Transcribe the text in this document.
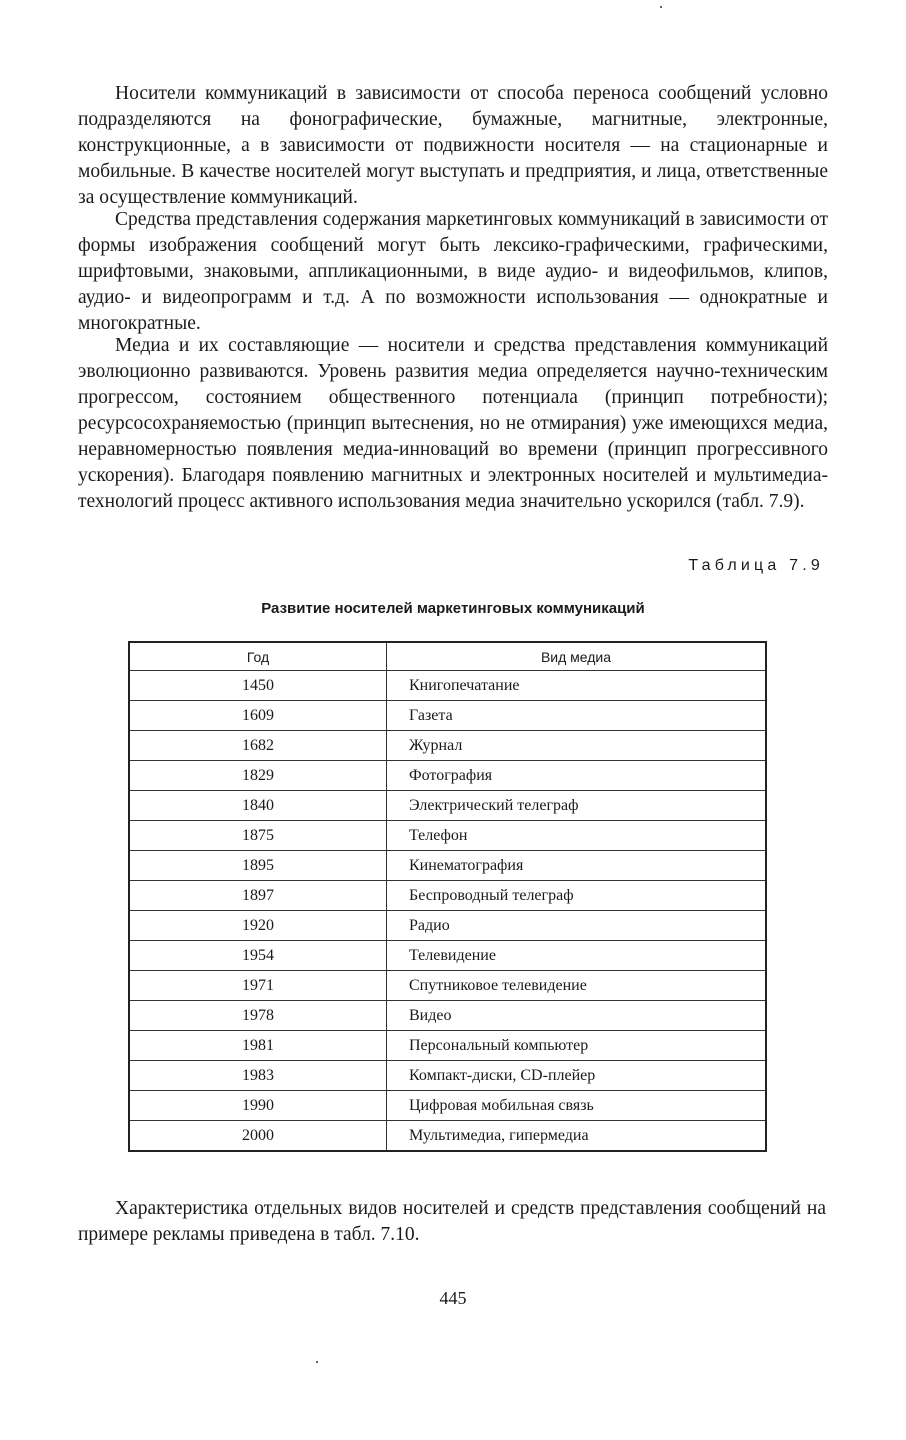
Носители коммуникаций в зависимости от способа переноса сообщений условно подразделяются на фонографические, бумажные, магнитные, электронные, конструкционные, а в зависимости от подвижности носителя — на стационарные и мобильные. В качестве носителей могут выступать и предприятия, и лица, ответственные за осуществление коммуникаций.

Средства представления содержания маркетинговых коммуникаций в зависимости от формы изображения сообщений могут быть лексико-графическими, графическими, шрифтовыми, знаковыми, аппликационными, в виде аудио- и видеофильмов, клипов, аудио- и видеопрограмм и т.д. А по возможности использования — однократные и многократные.

Медиа и их составляющие — носители и средства представления коммуникаций эволюционно развиваются. Уровень развития медиа определяется научно-техническим прогрессом, состоянием общественного потенциала (принцип потребности); ресурсосохраняемостью (принцип вытеснения, но не отмирания) уже имеющихся медиа, неравномерностью появления медиа-инноваций во времени (принцип прогрессивного ускорения). Благодаря появлению магнитных и электронных носителей и мультимедиа-технологий процесс активного использования медиа значительно ускорился (табл. 7.9).

Таблица 7.9
Развитие носителей маркетинговых коммуникаций
Год	Вид медиа
1450	Книгопечатание
1609	Газета
1682	Журнал
1829	Фотография
1840	Электрический телеграф
1875	Телефон
1895	Кинематография
1897	Беспроводный телеграф
1920	Радио
1954	Телевидение
1971	Спутниковое телевидение
1978	Видео
1981	Персональный компьютер
1983	Компакт-диски, CD-плейер
1990	Цифровая мобильная связь
2000	Мультимедиа, гипермедиа

Характеристика отдельных видов носителей и средств представления сообщений на примере рекламы приведена в табл. 7.10.

445
